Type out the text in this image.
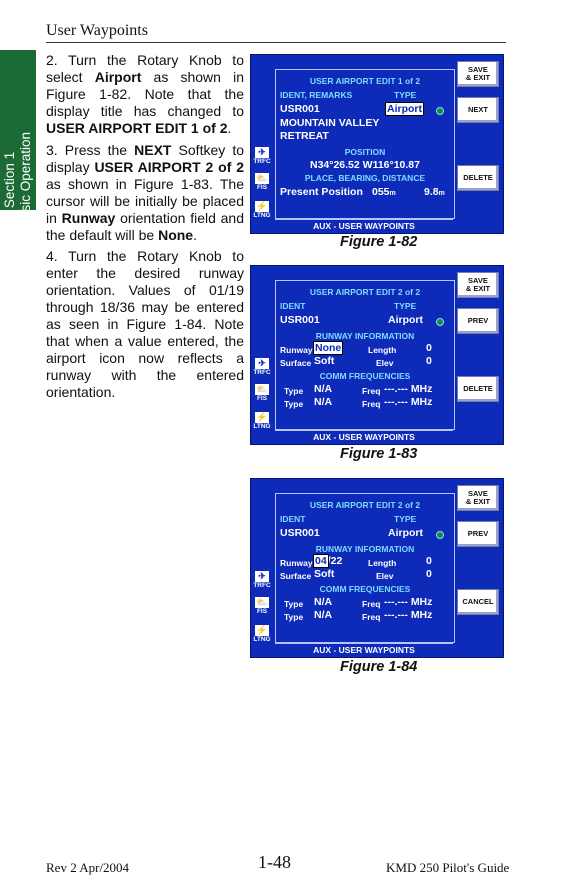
User Waypoints
Section 1 Basic Operation
2. Turn the Rotary Knob to select Airport as shown in Figure 1-82. Note that the display title has changed to USER AIRPORT EDIT 1 of 2.
3. Press the NEXT Softkey to display USER AIRPORT 2 of 2 as shown in Figure 1-83. The cursor will be initially be placed in Runway orientation field and the default will be None.
4. Turn the Rotary Knob to enter the desired runway orientation. Values of 01/19 through 18/36 may be entered as seen in Figure 1-84. Note that when a value entered, the airport icon now reflects a runway with the entered orientation.
✈
TRFC
⛅
FIS
⚡
LTNG
USER AIRPORT EDIT 1 of 2
IDENT, REMARKS	TYPE
USR001	Airport
MOUNTAIN VALLEY
RETREAT
POSITION
N34°26.52 W116°10.87
PLACE, BEARING, DISTANCE
Present Position 055m	9.8m
AUX - USER WAYPOINTS
SAVE
& EXIT
NEXT
DELETE
Figure 1-82
✈
TRFC
⛅
FIS
⚡
LTNG
USER AIRPORT EDIT 2 of 2
IDENT	TYPE
USR001	Airport
RUNWAY INFORMATION
Runway None	Length	0
Surface Soft	Elev	0
COMM FREQUENCIES
Type N/A	Freq ---.--- MHz
Type N/A	Freq ---.--- MHz
AUX - USER WAYPOINTS
SAVE
& EXIT
PREV
DELETE
Figure 1-83
✈
TRFC
⛅
FIS
⚡
LTNG
USER AIRPORT EDIT 2 of 2
IDENT	TYPE
USR001	Airport
RUNWAY INFORMATION
Runway 04/22	Length	0
Surface Soft	Elev	0
COMM FREQUENCIES
Type N/A	Freq ---.--- MHz
Type N/A	Freq ---.--- MHz
AUX - USER WAYPOINTS
SAVE
& EXIT
PREV
CANCEL
Figure 1-84
Rev 2 Apr/2004	1-48	KMD 250 Pilot's Guide
